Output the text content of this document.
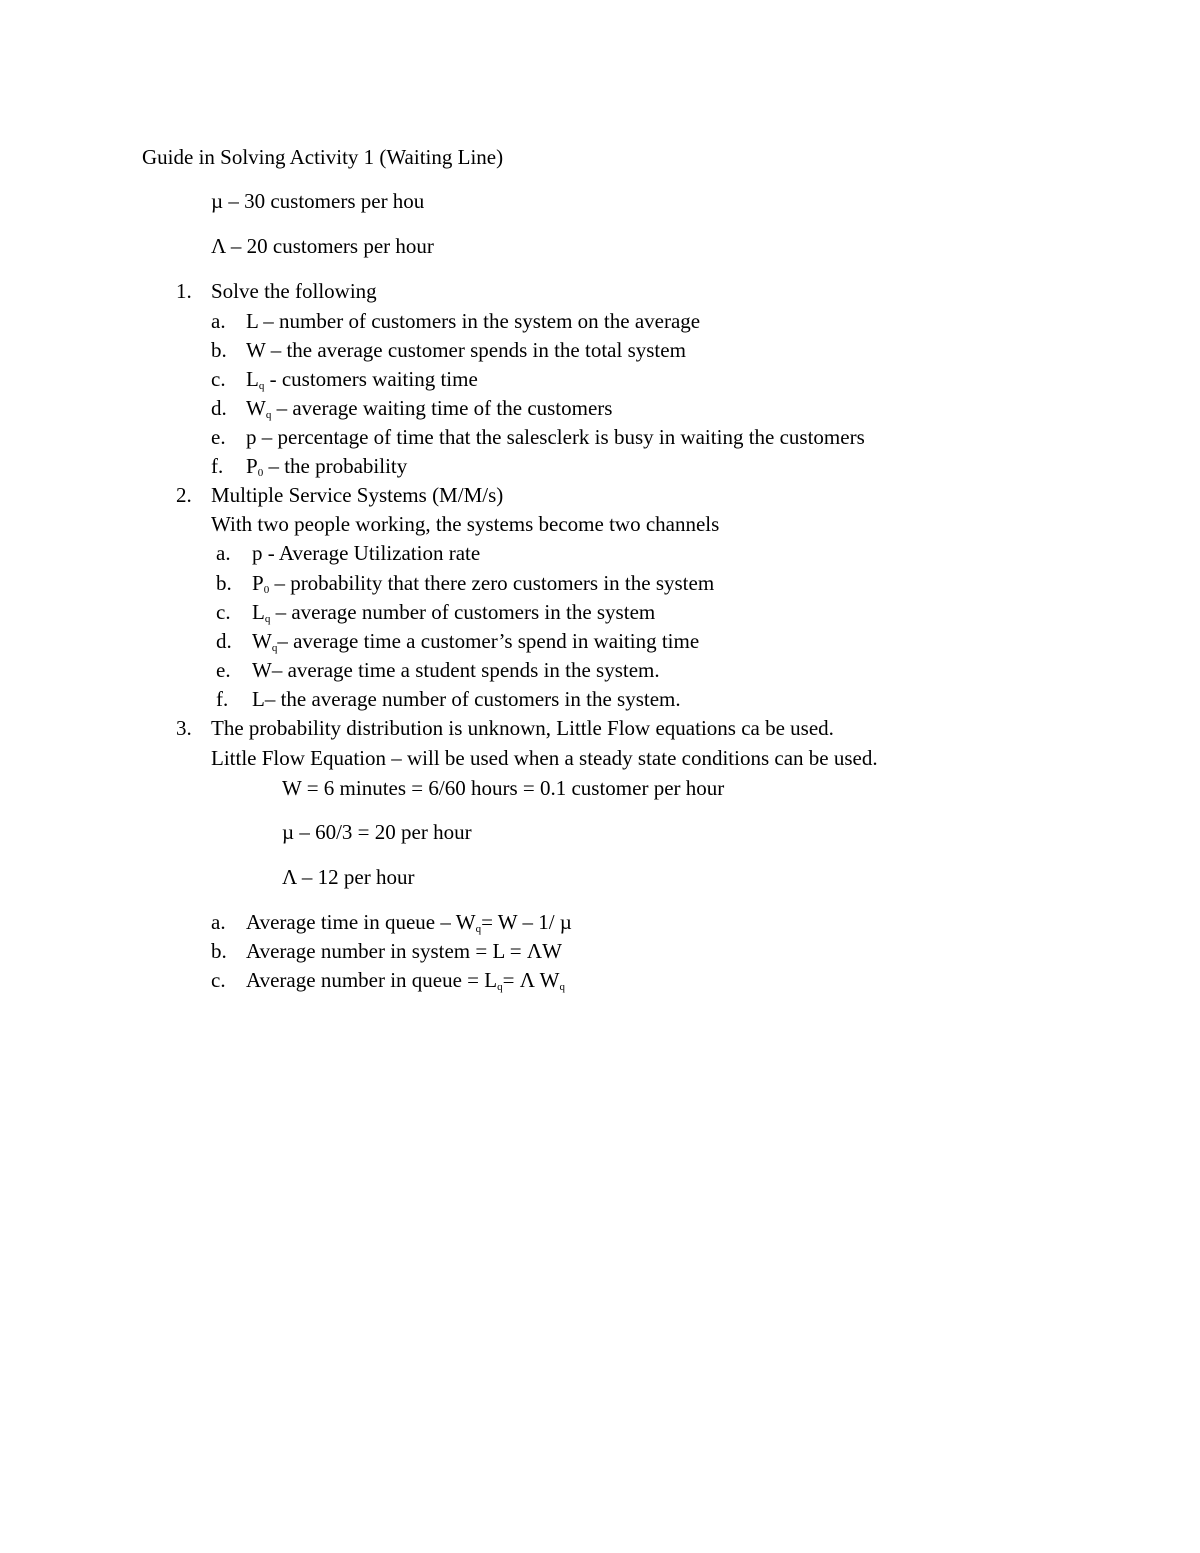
Guide in Solving Activity 1 (Waiting Line)
µ – 30 customers per hou
Λ – 20 customers per hour
1. Solve the following
a. L – number of customers in the system on the average
b. W – the average customer spends in the total system
c. $L_q$ - customers waiting time
d. $W_q$ – average waiting time of the customers
e. p – percentage of time that the salesclerk is busy in waiting the customers
f. $P_0$ – the probability
2. Multiple Service Systems (M/M/s)
With two people working, the systems become two channels
a. p - Average Utilization rate
b. $P_0$ – probability that there zero customers in the system
c. $L_q$ – average number of customers in the system
d. $W_q-$ average time a customer’s spend in waiting time
e. W– average time a student spends in the system.
f. L– the average number of customers in the system.
3. The probability distribution is unknown, Little Flow equations ca be used.
Little Flow Equation – will be used when a steady state conditions can be used.
W = 6 minutes = 6/60 hours = 0.1 customer per hour
µ – 60/3 = 20 per hour
Λ – 12 per hour
a. Average time in queue – $W_q= W - 1/$ µ
b. Average number in system = L = ΛW
c. Average number in queue = $L_q= \Lambda$ $W_q$
